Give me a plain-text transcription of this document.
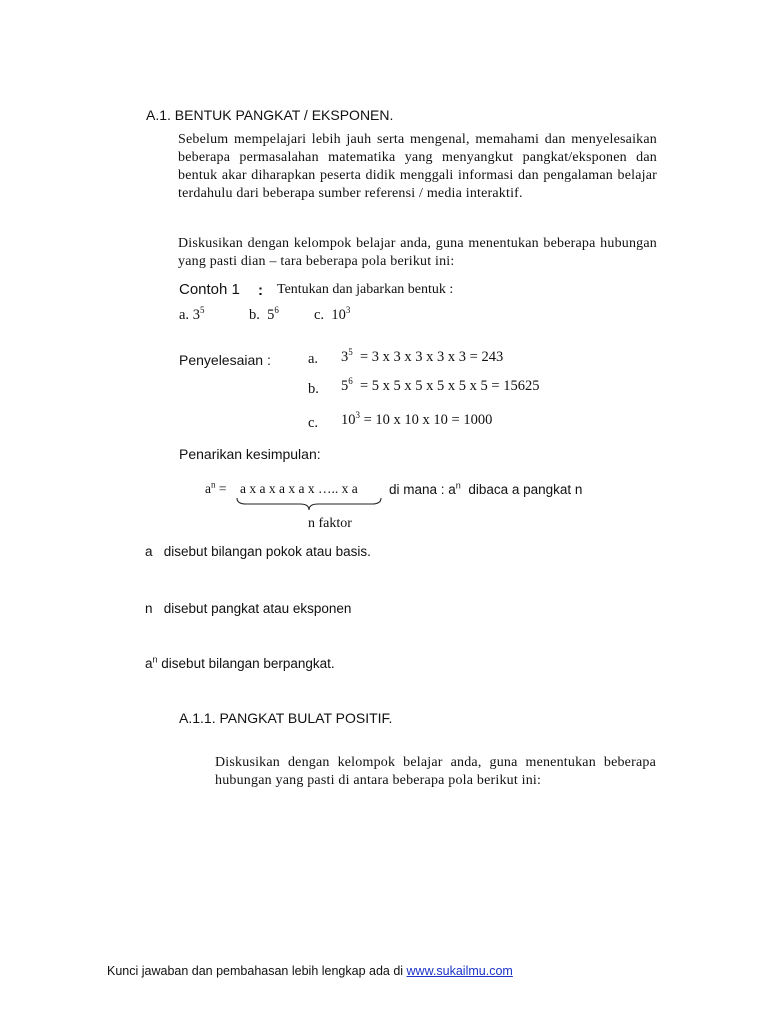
A.1. BENTUK PANGKAT / EKSPONEN.
Sebelum mempelajari lebih jauh serta mengenal, memahami dan menyelesaikan beberapa permasalahan matematika yang menyangkut pangkat/eksponen dan bentuk akar diharapkan peserta didik menggali informasi dan pengalaman belajar terdahulu dari beberapa sumber referensi / media interaktif.
Diskusikan dengan kelompok belajar anda, guna menentukan beberapa hubungan yang pasti dian – tara beberapa pola berikut ini:
Contoh 1 : Tentukan dan jabarkan bentuk :
a. $3^5$	b. $5^6$ c. $10^3$
Penyelesaian :	a. $3^5 = 3$ x 3 x 3 x 3 x 3 = 243
b. $5^6 = 5$ x 5 x 5 x 5 x 5 x 5 = 15625
c. $10^3 = 10$ x 10 x 10 = 1000
Penarikan kesimpulan:
$a^n = a$ x a x a x a x ….. x a di mana : $a^n$ dibaca a pangkat n
n faktor
a disebut bilangan pokok atau basis.
n disebut pangkat atau eksponen
$a^n$ disebut bilangan berpangkat.
A.1.1. PANGKAT BULAT POSITIF.
Diskusikan dengan kelompok belajar anda, guna menentukan beberapa hubungan yang pasti di antara beberapa pola berikut ini:
Kunci jawaban dan pembahasan lebih lengkap ada di www.sukailmu.com
